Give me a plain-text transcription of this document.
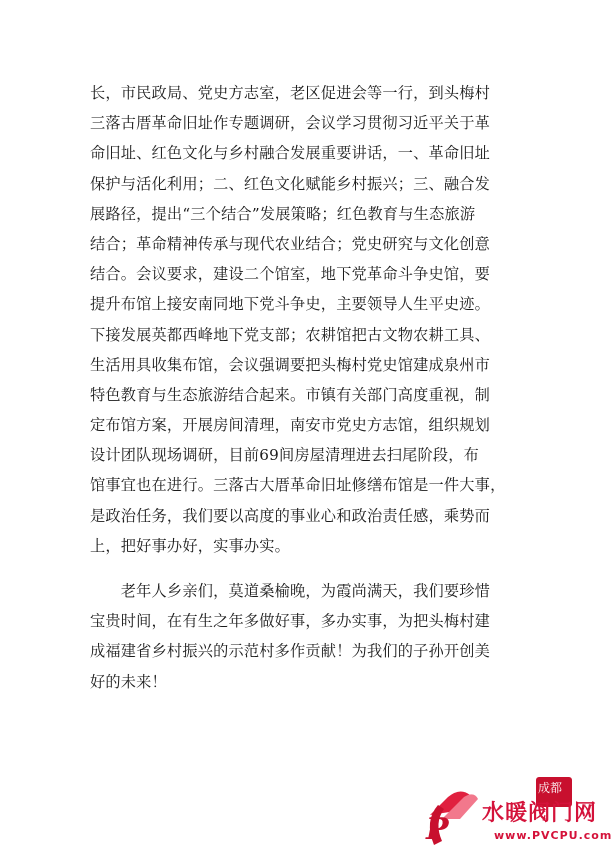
长，市民政局、党史方志室，老区促进会等一行，到头梅村
三落古厝革命旧址作专题调研，会议学习贯彻习近平关于革
命旧址、红色文化与乡村融合发展重要讲话，一、革命旧址
保护与活化利用；二、红色文化赋能乡村振兴；三、融合发
展路径，提出“三个结合”发展策略；红色教育与生态旅游
结合；革命精神传承与现代农业结合；党史研究与文化创意
结合。会议要求，建设二个馆室，地下党革命斗争史馆，要
提升布馆上接安南同地下党斗争史，主要领导人生平史迹。
下接发展英都西峰地下党支部；农耕馆把古文物农耕工具、
生活用具收集布馆，会议强调要把头梅村党史馆建成泉州市
特色教育与生态旅游结合起来。市镇有关部门高度重视，制
定布馆方案，开展房间清理，南安市党史方志馆，组织规划
设计团队现场调研，目前69间房屋清理进去扫尾阶段，布
馆事宜也在进行。三落古大厝革命旧址修缮布馆是一件大事，
是政治任务，我们要以高度的事业心和政治责任感，乘势而
上，把好事办好，实事办实。
　　老年人乡亲们，莫道桑榆晚，为霞尚满天，我们要珍惜
宝贵时间，在有生之年多做好事，多办实事，为把头梅村建
成福建省乡村振兴的示范村多作贡献！为我们的子孙开创美
好的未来！
P
成都
水暖阀门网
www.PVCPU.com
